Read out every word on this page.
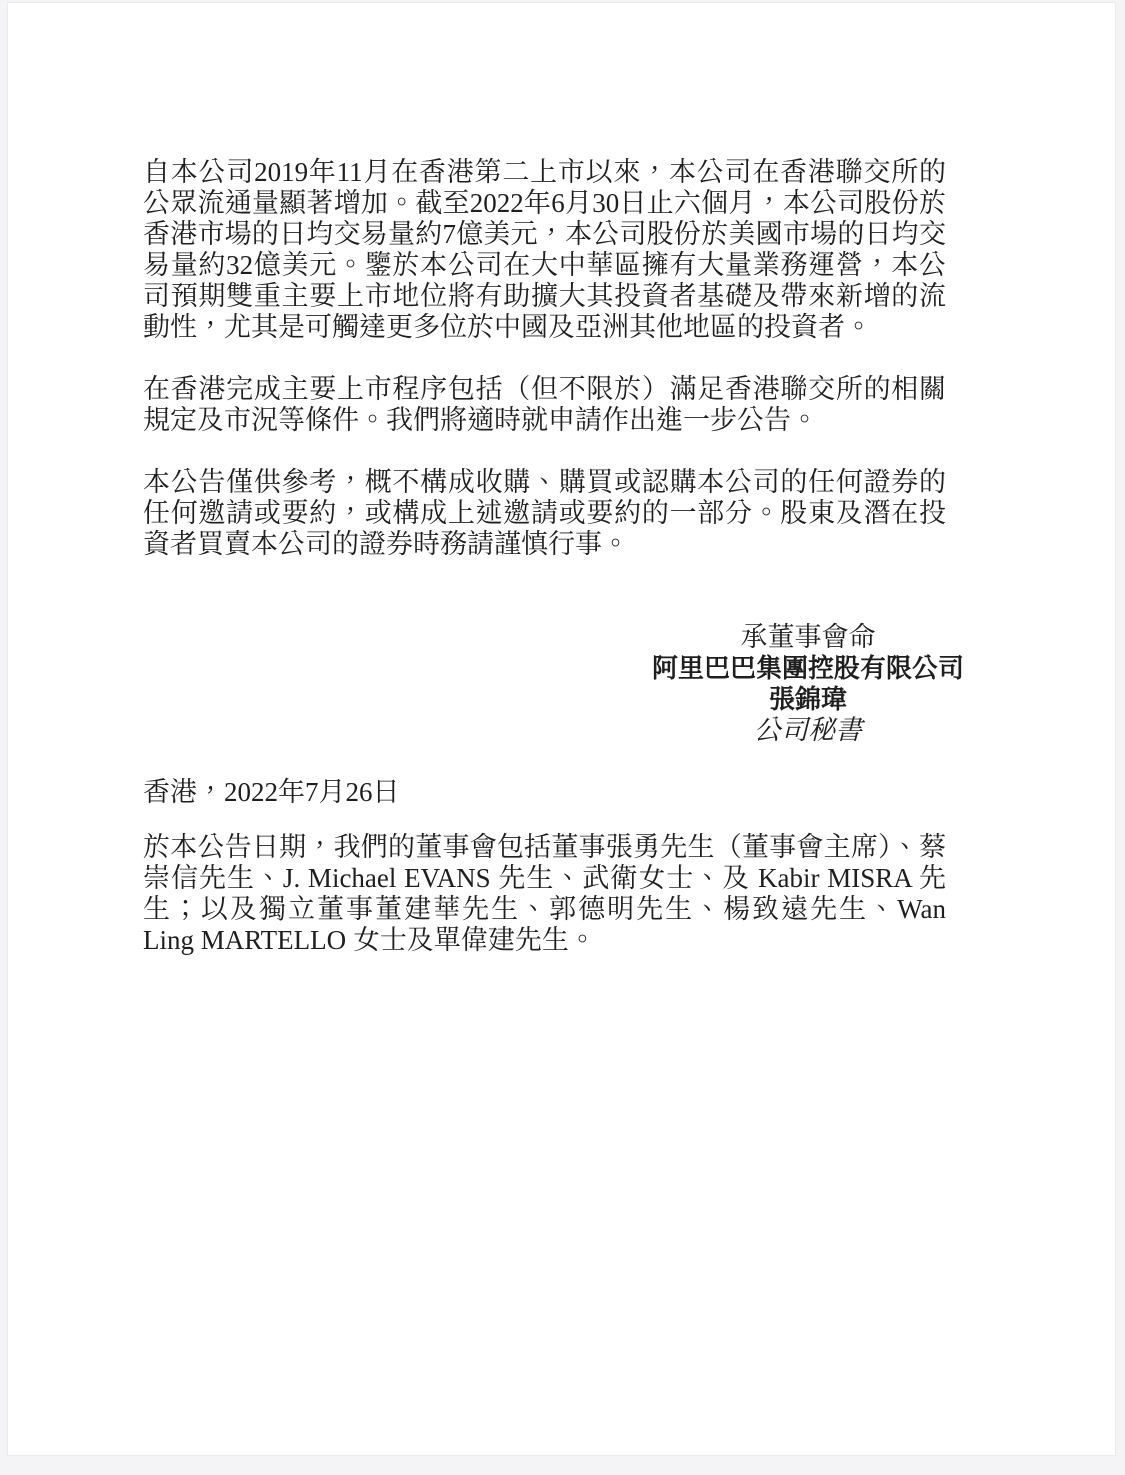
自本公司2019年11月在香港第二上市以來，本公司在香港聯交所的公眾流通量顯著增加。截至2022年6月30日止六個月，本公司股份於香港市場的日均交易量約7億美元，本公司股份於美國市場的日均交易量約32億美元。鑒於本公司在大中華區擁有大量業務運營，本公司預期雙重主要上市地位將有助擴大其投資者基礎及帶來新增的流動性，尤其是可觸達更多位於中國及亞洲其他地區的投資者。

在香港完成主要上市程序包括（但不限於）滿足香港聯交所的相關規定及市況等條件。我們將適時就申請作出進一步公告。

本公告僅供參考，概不構成收購、購買或認購本公司的任何證券的任何邀請或要約，或構成上述邀請或要約的一部分。股東及潛在投資者買賣本公司的證券時務請謹慎行事。

承董事會命
阿里巴巴集團控股有限公司
張錦瑋
公司秘書

香港，2022年7月26日

於本公告日期，我們的董事會包括董事張勇先生（董事會主席）、蔡崇信先生、J. Michael EVANS 先生、武衛女士、及 Kabir MISRA 先生；以及獨立董事董建華先生、郭德明先生、楊致遠先生、Wan Ling MARTELLO 女士及單偉建先生。
